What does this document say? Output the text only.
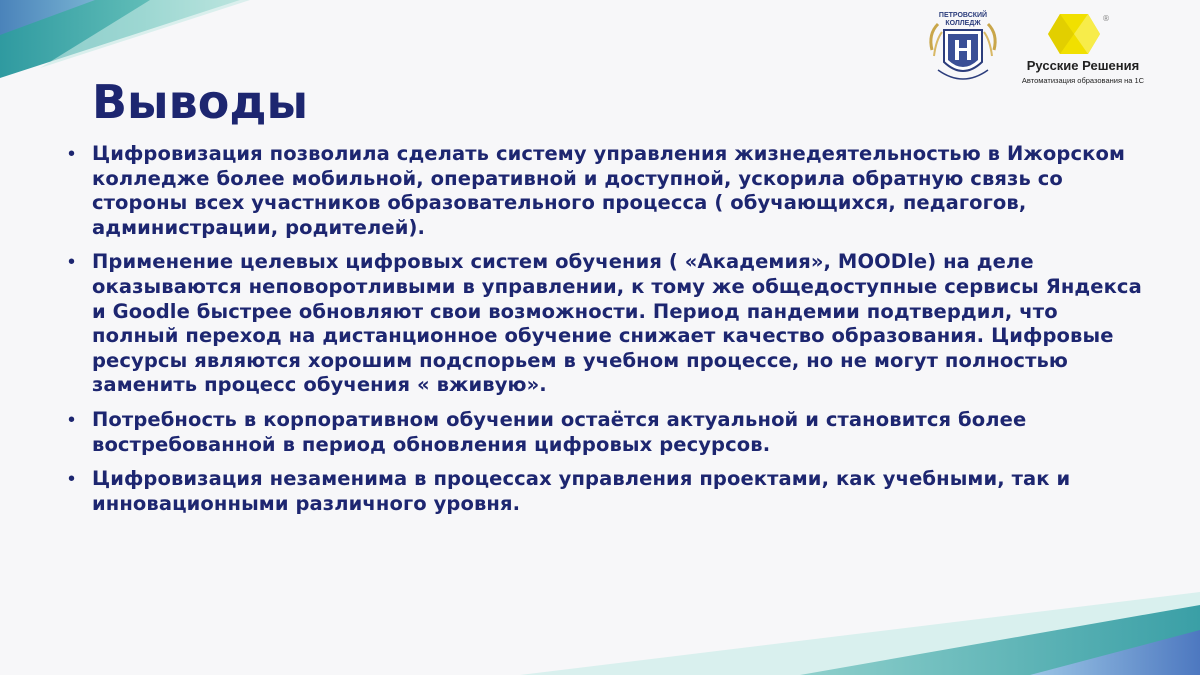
ПЕТРОВСКИЙ КОЛЛЕДЖ
®
Русские Решения
Автоматизация образования на 1С
Выводы
• Цифровизация позволила сделать систему управления жизнедеятельностью в Ижорском колледже более мобильной, оперативной и доступной, ускорила обратную связь со стороны всех участников образовательного процесса ( обучающихся, педагогов, администрации, родителей).
• Применение целевых цифровых систем обучения ( «Академия», MOODle) на деле оказываются неповоротливыми в управлении, к тому же общедоступные сервисы Яндекса и Goodle быстрее обновляют свои возможности. Период пандемии подтвердил, что полный переход на дистанционное обучение снижает качество образования. Цифровые ресурсы являются хорошим подспорьем в учебном процессе, но не могут полностью заменить процесс обучения « вживую».
• Потребность в корпоративном обучении остаётся актуальной и становится более востребованной в период обновления цифровых ресурсов.
• Цифровизация незаменима в процессах управления проектами, как учебными, так и инновационными различного уровня.
